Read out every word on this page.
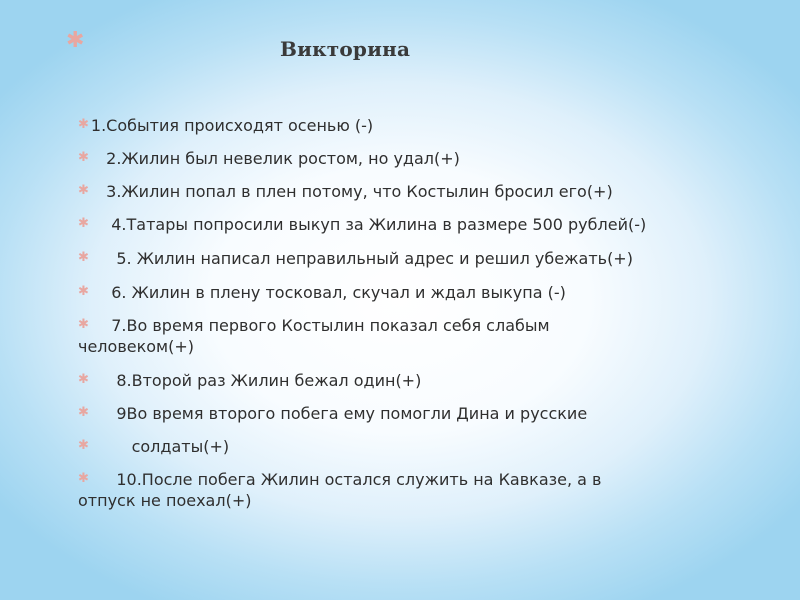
✱	Викторина
✱ 1.События происходят осенью (-)
✱ 2.Жилин был невелик ростом, но удал(+)
✱ 3.Жилин попал в плен потому, что Костылин бросил его(+)
✱ 4.Татары попросили выкуп за Жилина в размере 500 рублей(-)
✱ 5. Жилин написал неправильный адрес и решил убежать(+)
✱ 6. Жилин в плену тосковал, скучал и ждал выкупа (-)
✱ 7.Во время первого Костылин показал себя слабым
человеком(+)
✱ 8.Второй раз Жилин бежал один(+)
✱ 9Во время второго побега ему помогли Дина и русские
✱	солдаты(+)
✱ 10.После побега Жилин остался служить на Кавказе, а в
отпуск не поехал(+)
